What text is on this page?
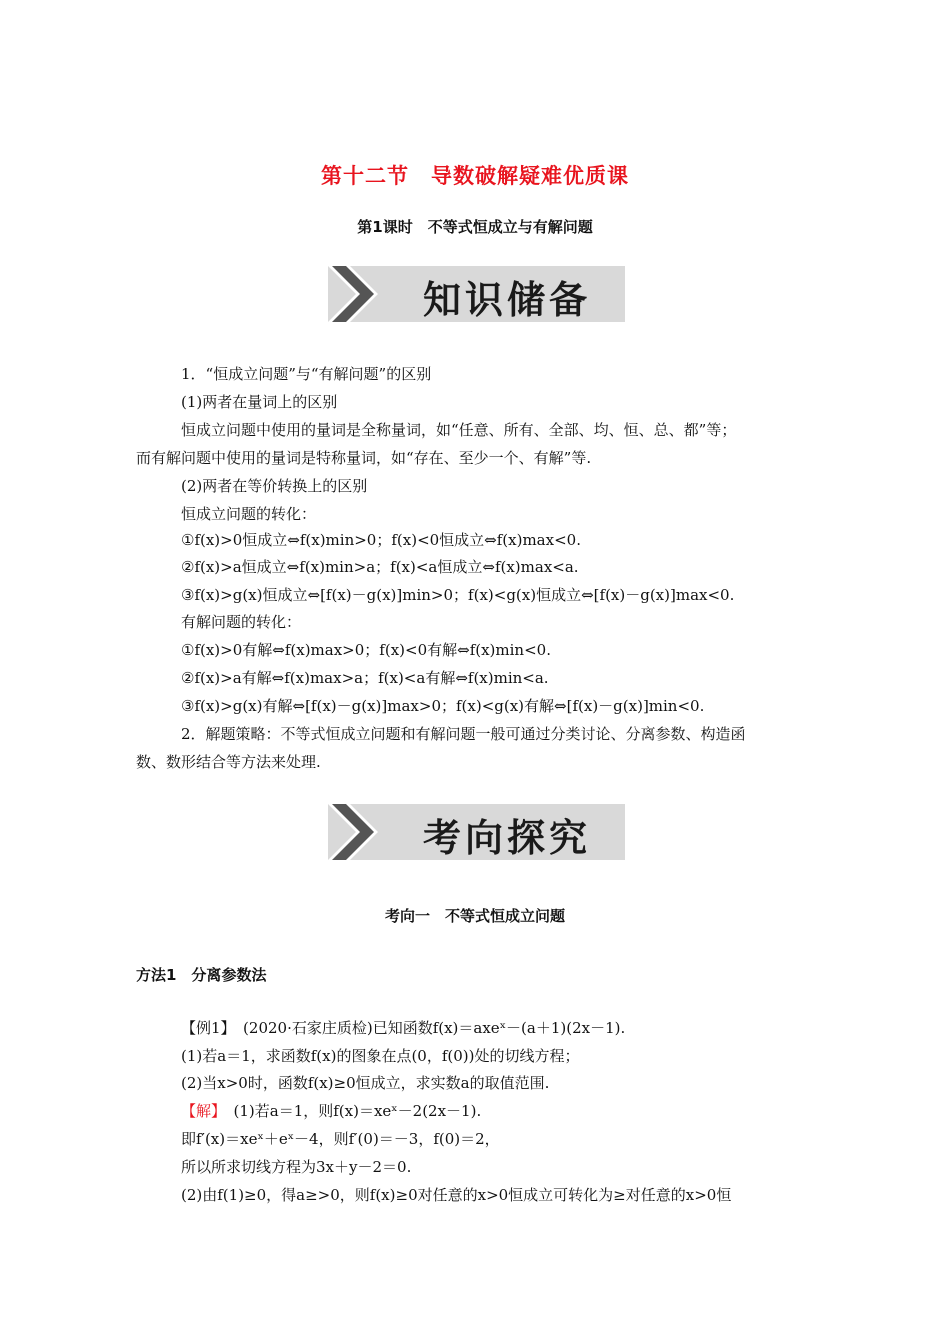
第十二节　导数破解疑难优质课
第1课时　不等式恒成立与有解问题
知识储备
1．“恒成立问题”与“有解问题”的区别
(1)两者在量词上的区别
恒成立问题中使用的量词是全称量词，如“任意、所有、全部、均、恒、总、都”等；
而有解问题中使用的量词是特称量词，如“存在、至少一个、有解”等.
(2)两者在等价转换上的区别
恒成立问题的转化：
①f(x)>0恒成立⇔f(x)min>0；f(x)<0恒成立⇔f(x)max<0.
②f(x)>a恒成立⇔f(x)min>a；f(x)<a恒成立⇔f(x)max<a.
③f(x)>g(x)恒成立⇔[f(x)－g(x)]min>0；f(x)<g(x)恒成立⇔[f(x)－g(x)]max<0.
有解问题的转化：
①f(x)>0有解⇔f(x)max>0；f(x)<0有解⇔f(x)min<0.
②f(x)>a有解⇔f(x)max>a；f(x)<a有解⇔f(x)min<a.
③f(x)>g(x)有解⇔[f(x)－g(x)]max>0；f(x)<g(x)有解⇔[f(x)－g(x)]min<0.
2．解题策略：不等式恒成立问题和有解问题一般可通过分类讨论、分离参数、构造函
数、数形结合等方法来处理.
考向探究
考向一　不等式恒成立问题
方法1　分离参数法
【例1】　(2020·石家庄质检)已知函数f(x)＝axeˣ－(a＋1)(2x－1).
(1)若a＝1，求函数f(x)的图象在点(0，f(0))处的切线方程；
(2)当x>0时，函数f(x)≥0恒成立，求实数a的取值范围.
【解】　(1)若a＝1，则f(x)＝xeˣ－2(2x－1).
即f′(x)＝xeˣ＋eˣ－4，则f′(0)＝－3，f(0)＝2，
所以所求切线方程为3x＋y－2＝0.
(2)由f(1)≥0，得a≥>0，则f(x)≥0对任意的x>0恒成立可转化为≥对任意的x>0恒
